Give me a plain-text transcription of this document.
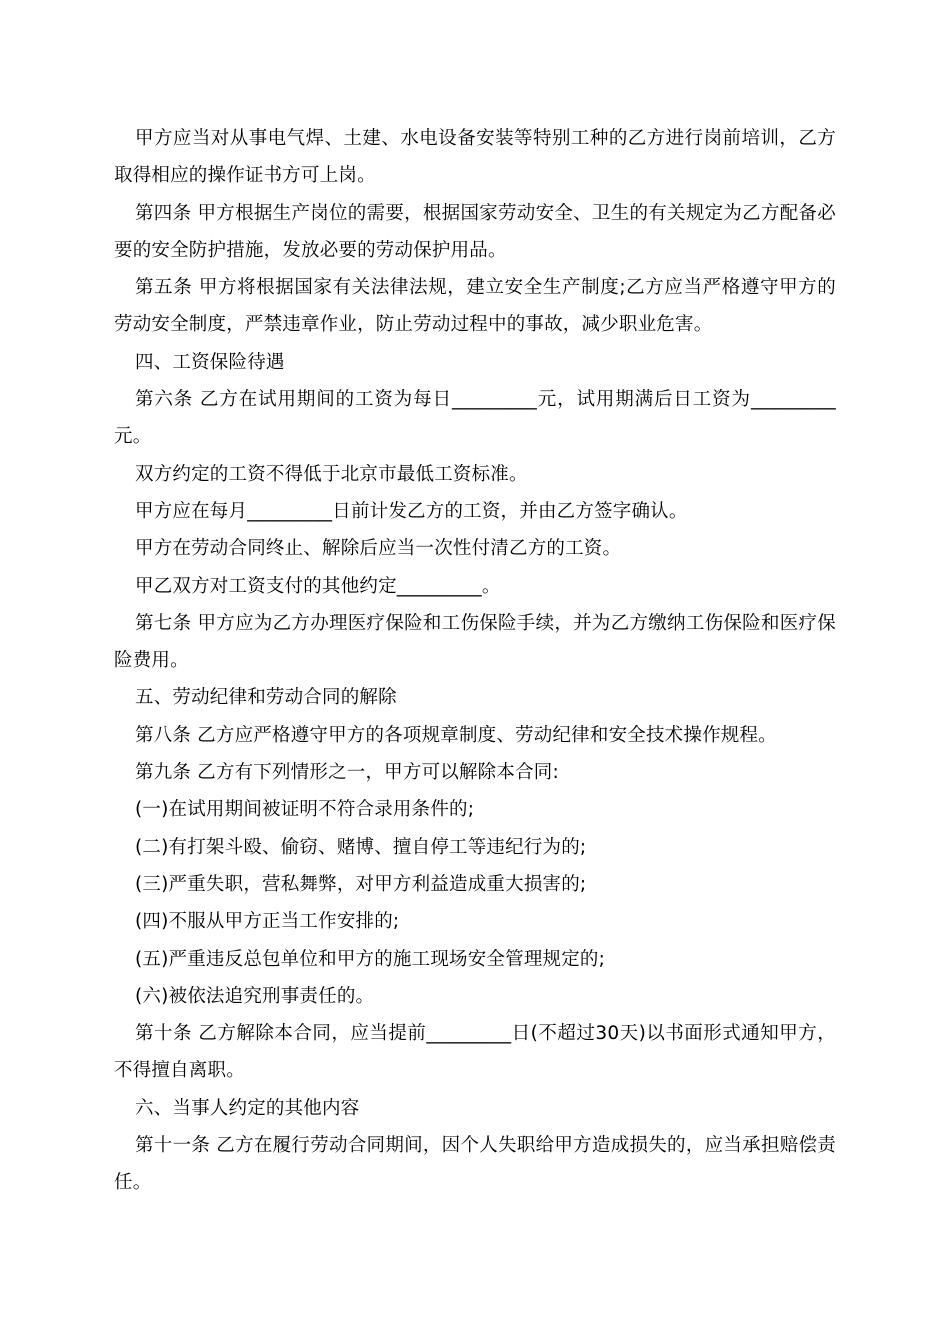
甲方应当对从事电气焊、土建、水电设备安装等特别工种的乙方进行岗前培训，乙方取得相应的操作证书方可上岗。

第四条 甲方根据生产岗位的需要，根据国家劳动安全、卫生的有关规定为乙方配备必要的安全防护措施，发放必要的劳动保护用品。

第五条 甲方将根据国家有关法律法规，建立安全生产制度;乙方应当严格遵守甲方的劳动安全制度，严禁违章作业，防止劳动过程中的事故，减少职业危害。

四、工资保险待遇

第六条 乙方在试用期间的工资为每日_________元，试用期满后日工资为_________元。

双方约定的工资不得低于北京市最低工资标准。

甲方应在每月_________日前计发乙方的工资，并由乙方签字确认。

甲方在劳动合同终止、解除后应当一次性付清乙方的工资。

甲乙双方对工资支付的其他约定_________。

第七条 甲方应为乙方办理医疗保险和工伤保险手续，并为乙方缴纳工伤保险和医疗保险费用。

五、劳动纪律和劳动合同的解除

第八条 乙方应严格遵守甲方的各项规章制度、劳动纪律和安全技术操作规程。

第九条 乙方有下列情形之一，甲方可以解除本合同:

(一)在试用期间被证明不符合录用条件的;

(二)有打架斗殴、偷窃、赌博、擅自停工等违纪行为的;

(三)严重失职，营私舞弊，对甲方利益造成重大损害的;

(四)不服从甲方正当工作安排的;

(五)严重违反总包单位和甲方的施工现场安全管理规定的;

(六)被依法追究刑事责任的。

第十条 乙方解除本合同，应当提前_________日(不超过30天)以书面形式通知甲方，不得擅自离职。

六、当事人约定的其他内容

第十一条 乙方在履行劳动合同期间，因个人失职给甲方造成损失的，应当承担赔偿责任。
